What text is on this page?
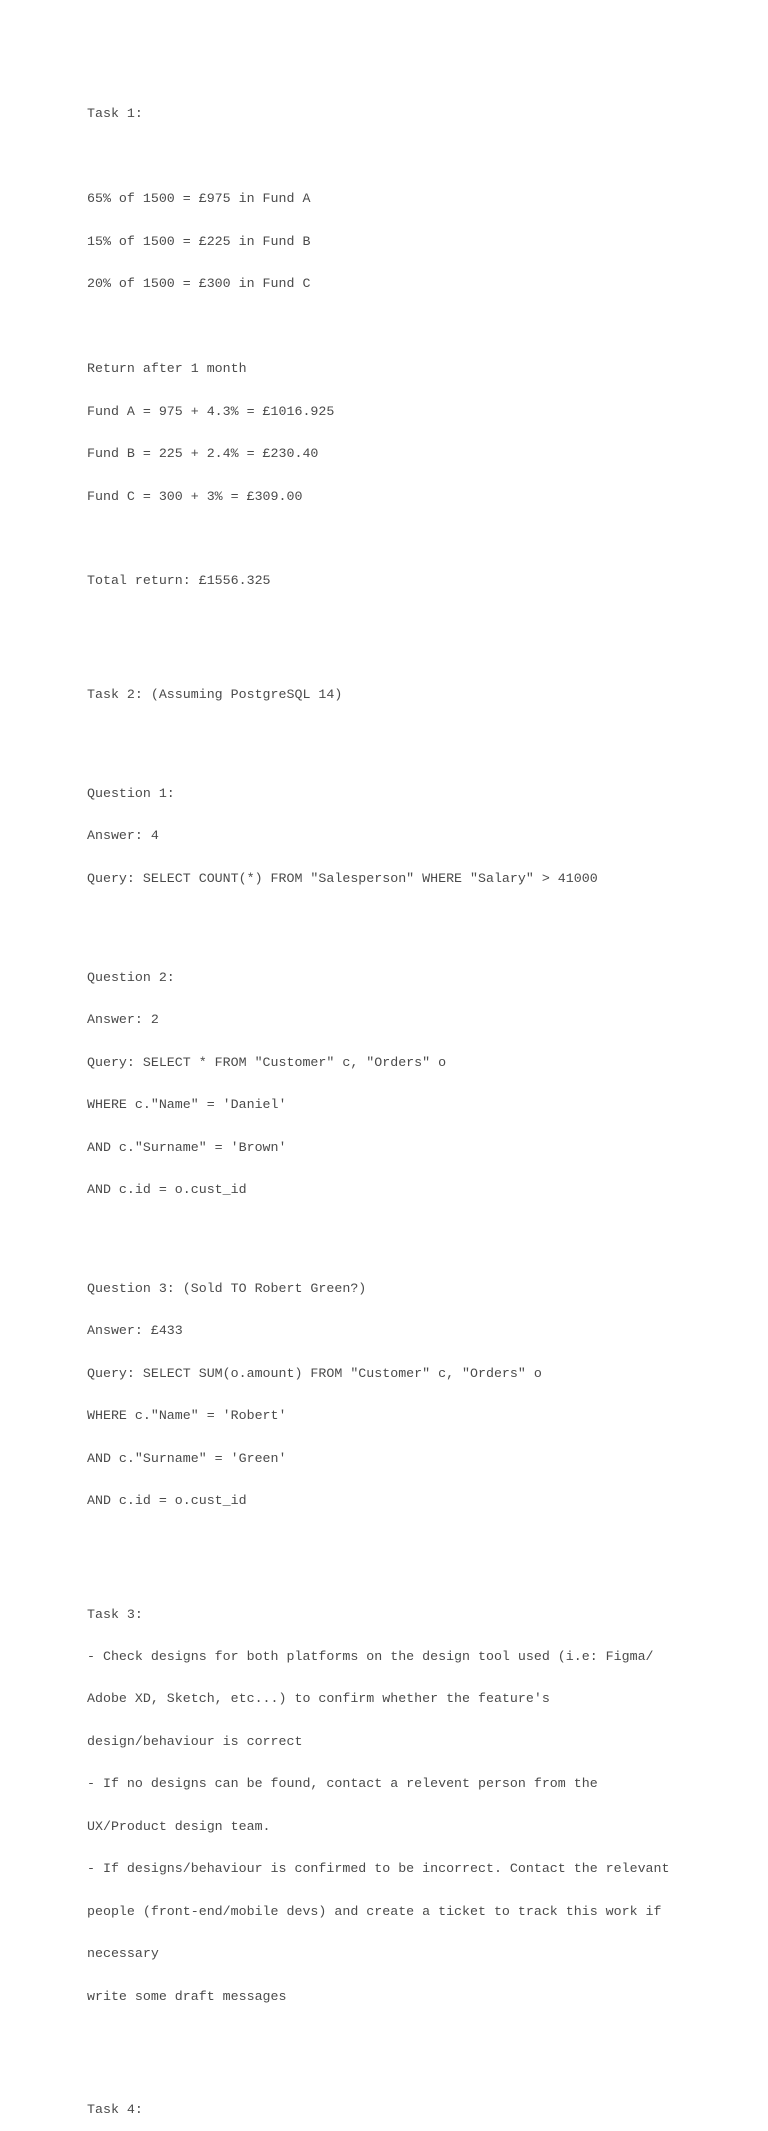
Task 1:

65% of 1500 = £975 in Fund A

15% of 1500 = £225 in Fund B

20% of 1500 = £300 in Fund C

Return after 1 month

Fund A = 975 + 4.3% = £1016.925

Fund B = 225 + 2.4% = £230.40

Fund C = 300 + 3% = £309.00

Total return: £1556.325

Task 2: (Assuming PostgreSQL 14)

Question 1:

Answer: 4

Query: SELECT COUNT(*) FROM "Salesperson" WHERE "Salary" > 41000

Question 2:

Answer: 2

Query: SELECT * FROM "Customer" c, "Orders" o

WHERE c."Name" = 'Daniel'

AND c."Surname" = 'Brown'

AND c.id = o.cust_id

Question 3: (Sold TO Robert Green?)

Answer: £433

Query: SELECT SUM(o.amount) FROM "Customer" c, "Orders" o

WHERE c."Name" = 'Robert'

AND c."Surname" = 'Green'

AND c.id = o.cust_id

Task 3:

- Check designs for both platforms on the design tool used (i.e: Figma/

Adobe XD, Sketch, etc...) to confirm whether the feature's

design/behaviour is correct

- If no designs can be found, contact a relevent person from the

UX/Product design team.

- If designs/behaviour is confirmed to be incorrect. Contact the relevant

people (front-end/mobile devs) and create a ticket to track this work if

necessary

write some draft messages

Task 4:
